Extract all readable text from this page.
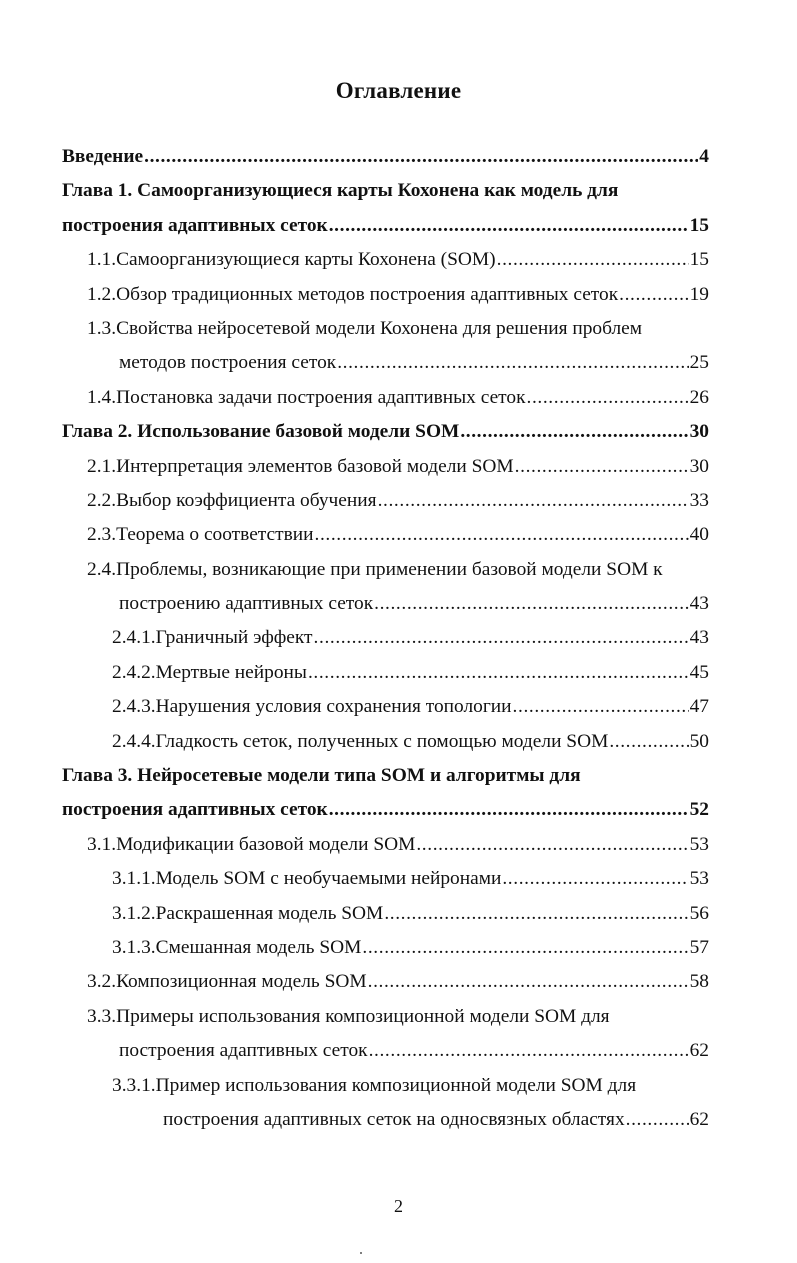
Оглавление
Введение .....	4
Глава 1. Самоорганизующиеся карты Кохонена как модель для
построения адаптивных сеток .....	15
1.1. Самоорганизующиеся карты Кохонена (SOM) .....	15
1.2. Обзор традиционных методов построения адаптивных сеток .....	19
1.3. Свойства нейросетевой модели Кохонена для решения проблем
методов построения сеток .....	25
1.4. Постановка задачи построения адаптивных сеток .....	26
Глава 2. Использование базовой модели SOM .....	30
2.1. Интерпретация элементов базовой модели SOM .....	30
2.2. Выбор коэффициента обучения .....	33
2.3. Теорема о соответствии .....	40
2.4. Проблемы, возникающие при применении базовой модели SOM к
построению адаптивных сеток .....	43
2.4.1. Граничный эффект .....	43
2.4.2. Мертвые нейроны .....	45
2.4.3. Нарушения условия сохранения топологии .....	47
2.4.4. Гладкость сеток, полученных с помощью модели SOM .....	50
Глава 3. Нейросетевые модели типа SOM и алгоритмы для
построения адаптивных сеток .....	52
3.1. Модификации базовой модели SOM .....	53
3.1.1. Модель SOM с необучаемыми нейронами .....	53
3.1.2. Раскрашенная модель SOM .....	56
3.1.3. Смешанная модель SOM .....	57
3.2. Композиционная модель SOM .....	58
3.3. Примеры использования композиционной модели SOM для
построения адаптивных сеток .....	62
3.3.1. Пример использования композиционной модели SOM для
построения адаптивных сеток на односвязных областях .....	62
2
